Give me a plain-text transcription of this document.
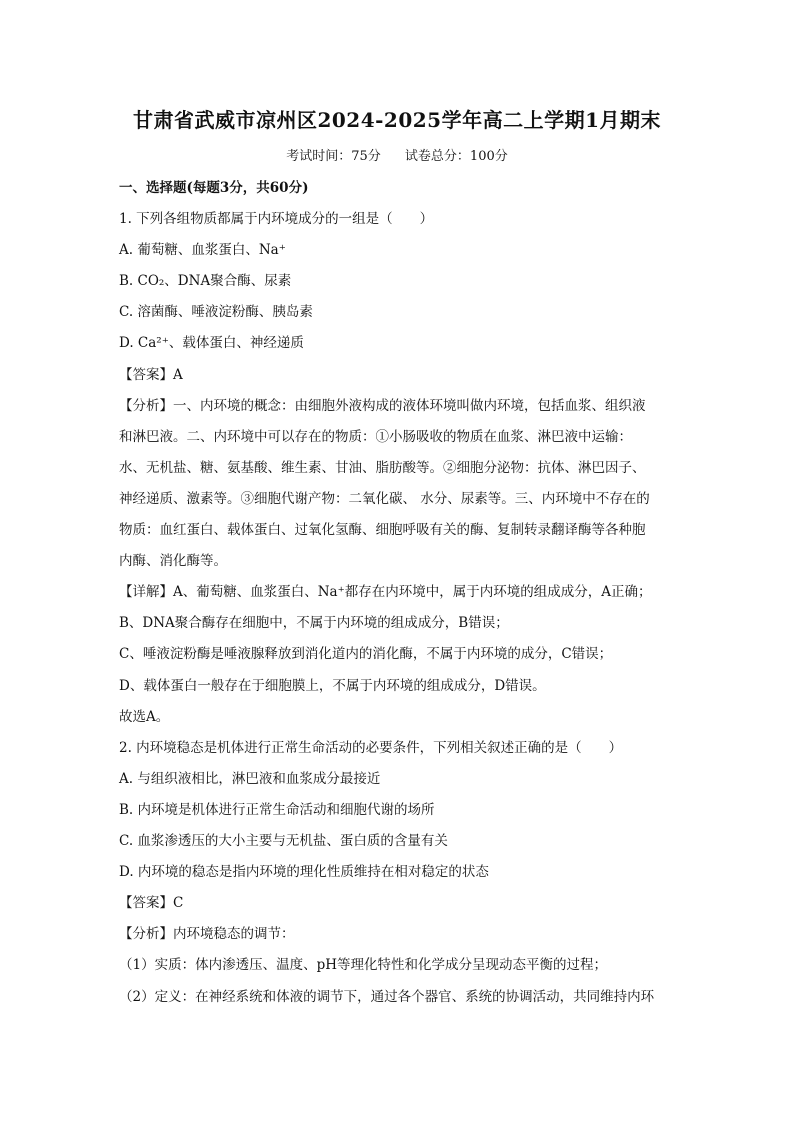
甘肃省武威市凉州区2024-2025学年高二上学期1月期末
考试时间：75分 试卷总分：100分
一、选择题(每题3分，共60分)
1. 下列各组物质都属于内环境成分的一组是（　　）
A. 葡萄糖、血浆蛋白、Na⁺
B. CO₂、DNA聚合酶、尿素
C. 溶菌酶、唾液淀粉酶、胰岛素
D. Ca²⁺、载体蛋白、神经递质
【答案】A
【分析】一、内环境的概念：由细胞外液构成的液体环境叫做内环境，包括血浆、组织液
和淋巴液。二、内环境中可以存在的物质：①小肠吸收的物质在血浆、淋巴液中运输：
水、无机盐、糖、氨基酸、维生素、甘油、脂肪酸等。②细胞分泌物：抗体、淋巴因子、
神经递质、激素等。③细胞代谢产物：二氧化碳、 水分、尿素等。三、内环境中不存在的
物质：血红蛋白、载体蛋白、过氧化氢酶、细胞呼吸有关的酶、复制转录翻译酶等各种胞
内酶、消化酶等。
【详解】A、葡萄糖、血浆蛋白、Na⁺都存在内环境中，属于内环境的组成成分，A正确；
B、DNA聚合酶存在细胞中，不属于内环境的组成成分，B错误；
C、唾液淀粉酶是唾液腺释放到消化道内的消化酶，不属于内环境的成分，C错误；
D、载体蛋白一般存在于细胞膜上，不属于内环境的组成成分，D错误。
故选A。
2. 内环境稳态是机体进行正常生命活动的必要条件，下列相关叙述正确的是（　　）
A. 与组织液相比，淋巴液和血浆成分最接近
B. 内环境是机体进行正常生命活动和细胞代谢的场所
C. 血浆渗透压的大小主要与无机盐、蛋白质的含量有关
D. 内环境的稳态是指内环境的理化性质维持在相对稳定的状态
【答案】C
【分析】内环境稳态的调节：
（1）实质：体内渗透压、温度、pH等理化特性和化学成分呈现动态平衡的过程；
（2）定义：在神经系统和体液的调节下，通过各个器官、系统的协调活动，共同维持内环
